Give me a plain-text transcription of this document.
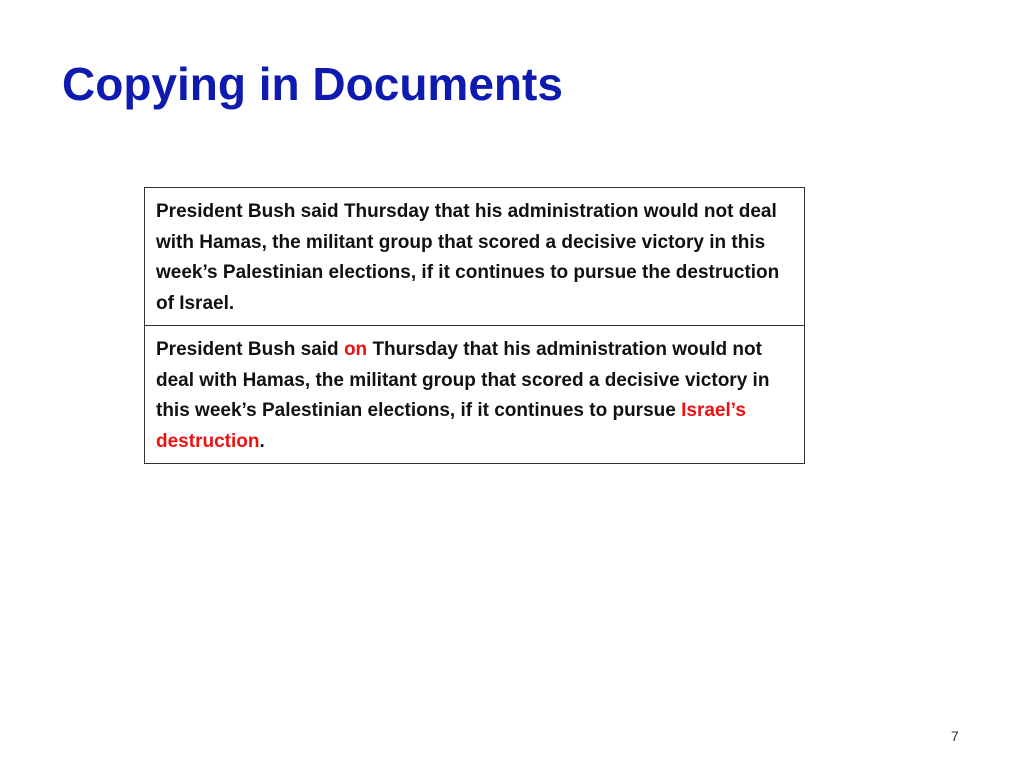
Copying in Documents
President Bush said Thursday that his administration would not deal with Hamas, the militant group that scored a decisive victory in this week’s Palestinian elections, if it continues to pursue the destruction of Israel.
President Bush said on Thursday that his administration would not deal with Hamas, the militant group that scored a decisive victory in this week’s Palestinian elections, if it continues to pursue Israel’s destruction.
7
